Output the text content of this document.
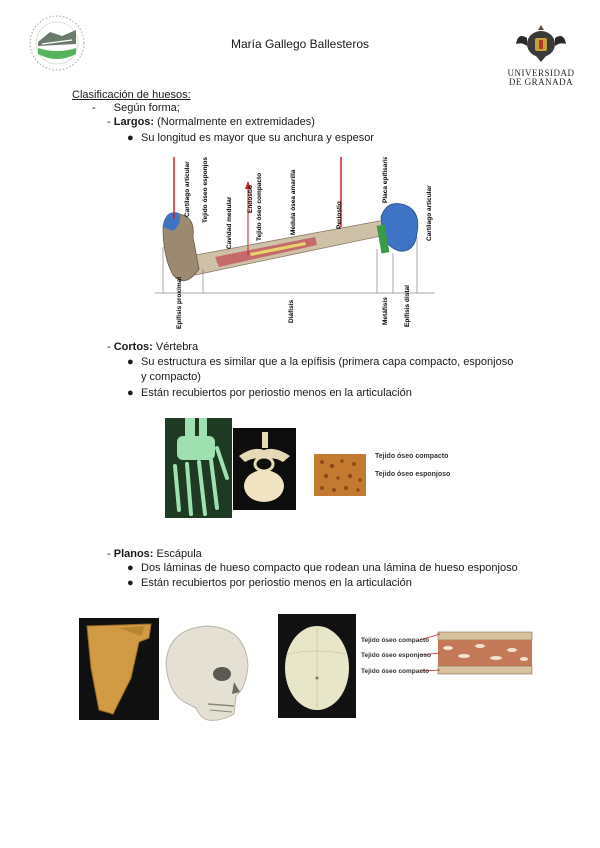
María Gallego Ballesteros
UNIVERSIDAD
DE GRANADA
Clasificación de huesos:
- Según forma;
- Largos: (Normalmente en extremidades)
● Su longitud es mayor que su anchura y espesor
Cartílago articular Tejido óseo esponjoso	Cavidad medular Endostio Tejido óseo compacto	Médula ósea amarilla	Periostio
Placa epifisaria
Cartílago articular
Epífisis proximal	Diáfisis	Metáfisis Epífisis distal
- Cortos: Vértebra
● Su estructura es similar que a la epífisis (primera capa compacto, esponjoso
y compacto)
● Están recubiertos por periostio menos en la articulación
Tejido óseo compacto
Tejido óseo esponjoso
- Planos: Escápula
● Dos láminas de hueso compacto que rodean una lámina de hueso esponjoso
● Están recubiertos por periostio menos en la articulación
Tejido óseo compacto
Tejido óseo esponjoso
Tejido óseo compacto
